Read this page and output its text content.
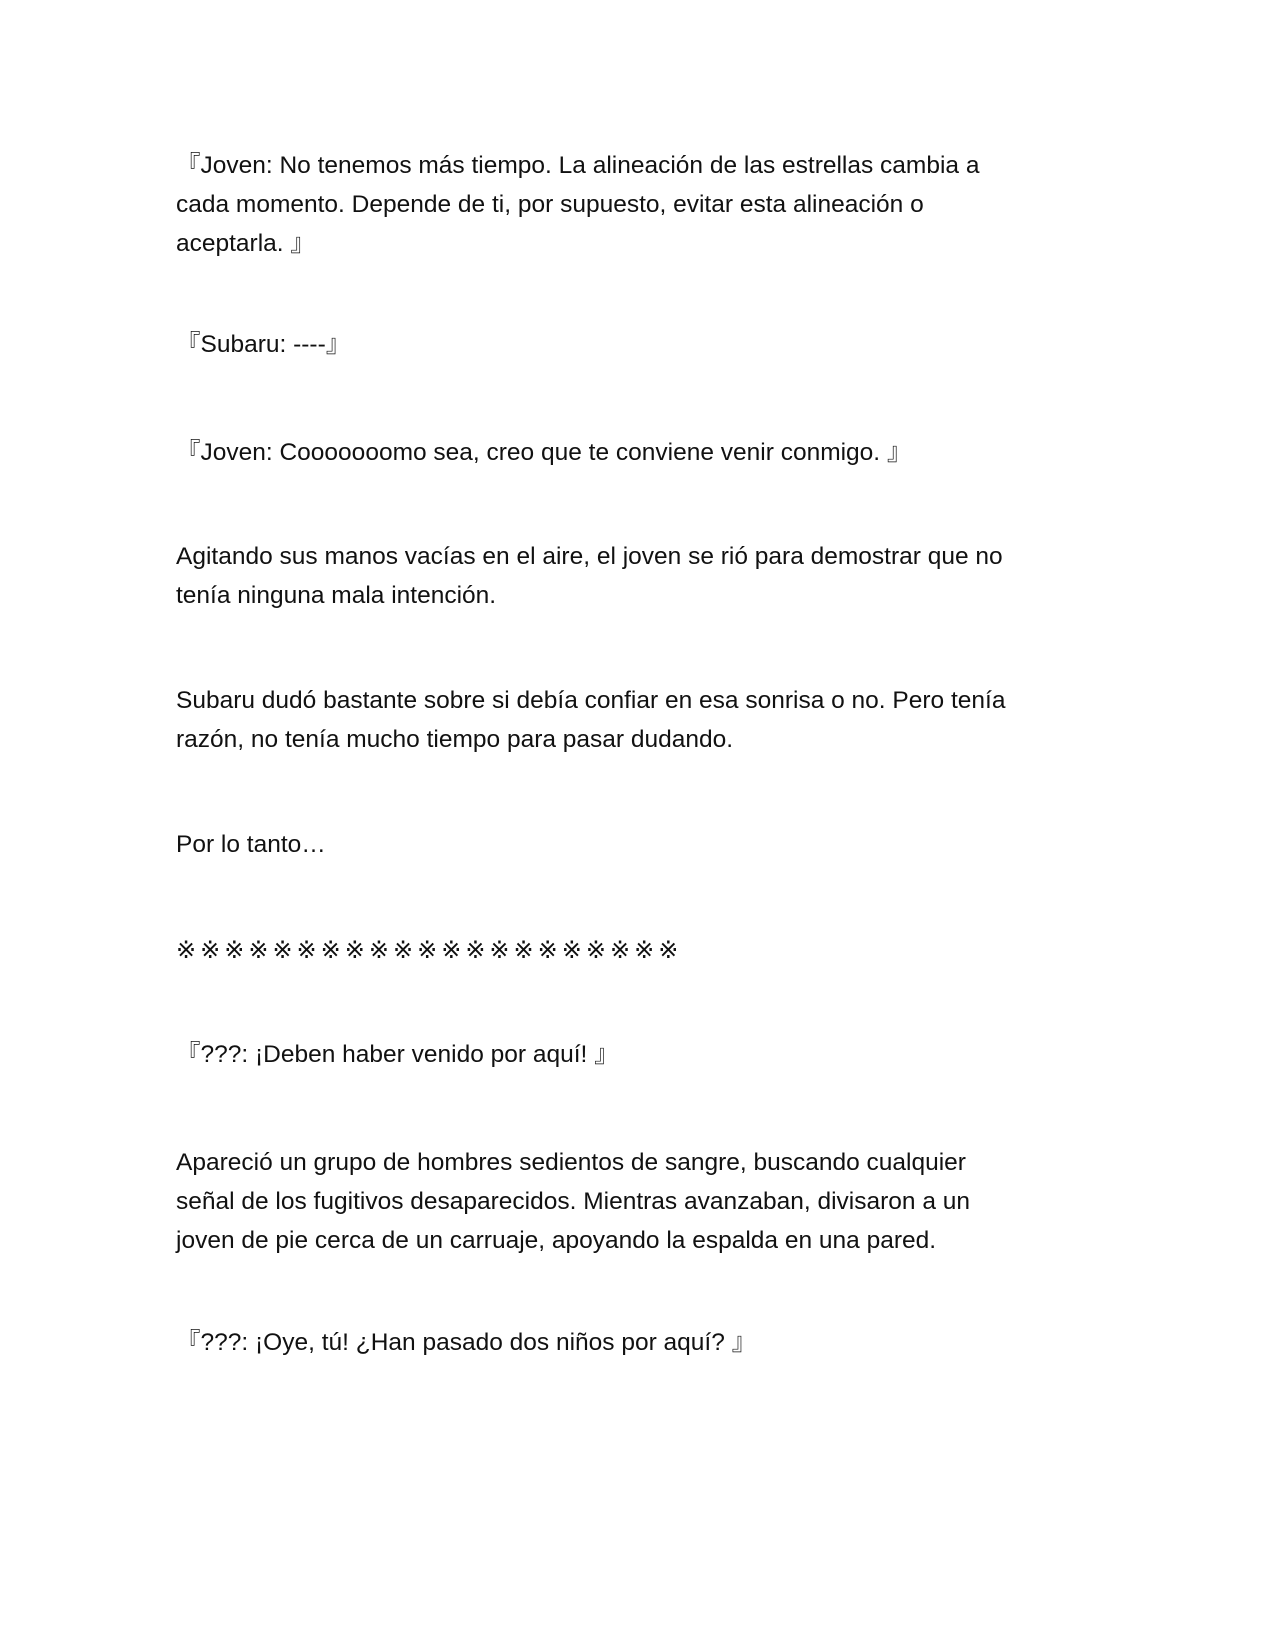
『Joven: No tenemos más tiempo. La alineación de las estrellas cambia a
cada momento. Depende de ti, por supuesto, evitar esta alineación o
aceptarla. 』

『Subaru: ----』

『Joven: Cooooooomo sea, creo que te conviene venir conmigo. 』

Agitando sus manos vacías en el aire, el joven se rió para demostrar que no
tenía ninguna mala intención.

Subaru dudó bastante sobre si debía confiar en esa sonrisa o no. Pero tenía
razón, no tenía mucho tiempo para pasar dudando.

Por lo tanto…

※※※※※※※※※※※※※※※※※※※※※

『???: ¡Deben haber venido por aquí! 』

Apareció un grupo de hombres sedientos de sangre, buscando cualquier
señal de los fugitivos desaparecidos. Mientras avanzaban, divisaron a un
joven de pie cerca de un carruaje, apoyando la espalda en una pared.

『???: ¡Oye, tú! ¿Han pasado dos niños por aquí? 』
